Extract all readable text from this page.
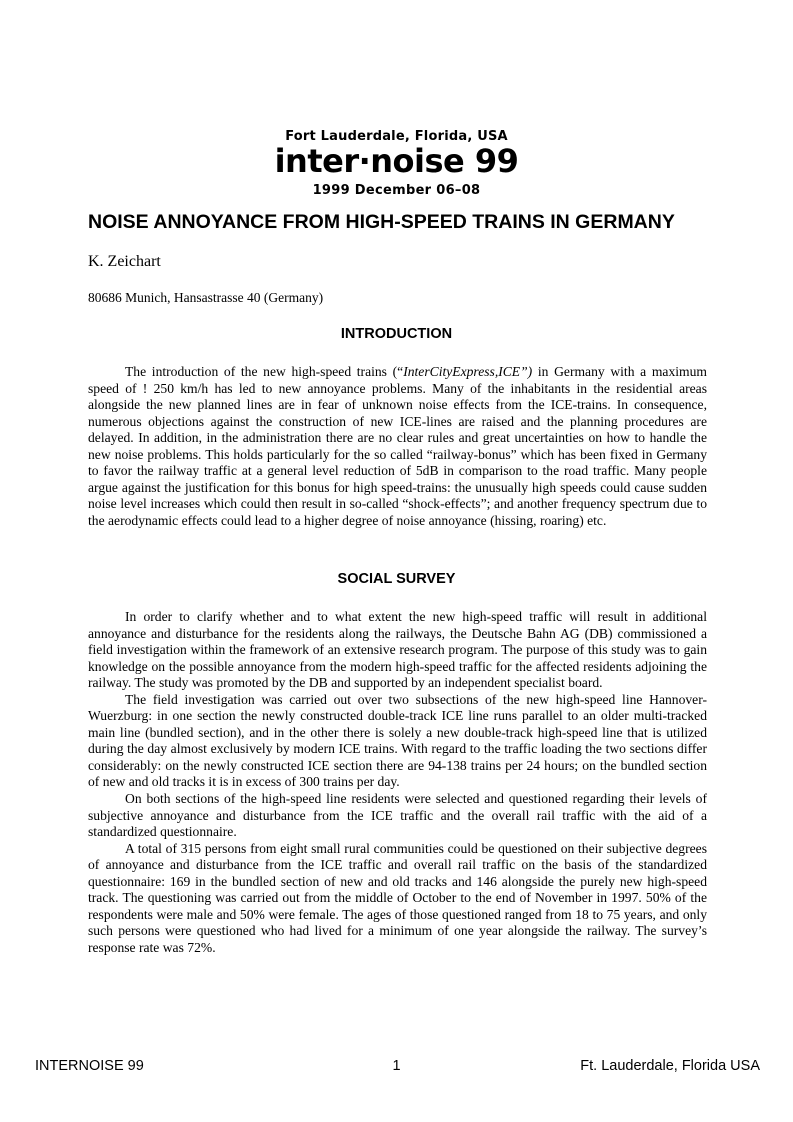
Fort Lauderdale, Florida, USA
inter·noise 99
1999 December 06–08
NOISE ANNOYANCE FROM HIGH-SPEED TRAINS IN GERMANY

K. Zeichart

80686 Munich, Hansastrasse 40 (Germany)

INTRODUCTION

The introduction of the new high-speed trains (“InterCityExpress,ICE”) in Germany with a maximum speed of ! 250 km/h has led to new annoyance problems. Many of the inhabitants in the residential areas alongside the new planned lines are in fear of unknown noise effects from the ICE-trains. In consequence, numerous objections against the construction of new ICE-lines are raised and the planning procedures are delayed. In addition, in the administration there are no clear rules and great uncertainties on how to handle the new noise problems. This holds particularly for the so called “railway-bonus” which has been fixed in Germany to favor the railway traffic at a general level reduction of 5dB in comparison to the road traffic. Many people argue against the justification for this bonus for high speed-trains: the unusually high speeds could cause sudden noise level increases which could then result in so-called “shock-effects”; and another frequency spectrum due to the aerodynamic effects could lead to a higher degree of noise annoyance (hissing, roaring) etc.

SOCIAL SURVEY

In order to clarify whether and to what extent the new high-speed traffic will result in additional annoyance and disturbance for the residents along the railways, the Deutsche Bahn AG (DB) commissioned a field investigation within the framework of an extensive research program. The purpose of this study was to gain knowledge on the possible annoyance from the modern high-speed traffic for the affected residents adjoining the railway. The study was promoted by the DB and supported by an independent specialist board.

The field investigation was carried out over two subsections of the new high-speed line Hannover-Wuerzburg: in one section the newly constructed double-track ICE line runs parallel to an older multi-tracked main line (bundled section), and in the other there is solely a new double-track high-speed line that is utilized during the day almost exclusively by modern ICE trains. With regard to the traffic loading the two sections differ considerably: on the newly constructed ICE section there are 94-138 trains per 24 hours; on the bundled section of new and old tracks it is in excess of 300 trains per day.

On both sections of the high-speed line residents were selected and questioned regarding their levels of subjective annoyance and disturbance from the ICE traffic and the overall rail traffic with the aid of a standardized questionnaire.

A total of 315 persons from eight small rural communities could be questioned on their subjective degrees of annoyance and disturbance from the ICE traffic and overall rail traffic on the basis of the standardized questionnaire: 169 in the bundled section of new and old tracks and 146 alongside the purely new high-speed track. The questioning was carried out from the middle of October to the end of November in 1997. 50% of the respondents were male and 50% were female. The ages of those questioned ranged from 18 to 75 years, and only such persons were questioned who had lived for a minimum of one year alongside the railway. The survey’s response rate was 72%.

INTERNOISE 99	1	Ft. Lauderdale, Florida USA
